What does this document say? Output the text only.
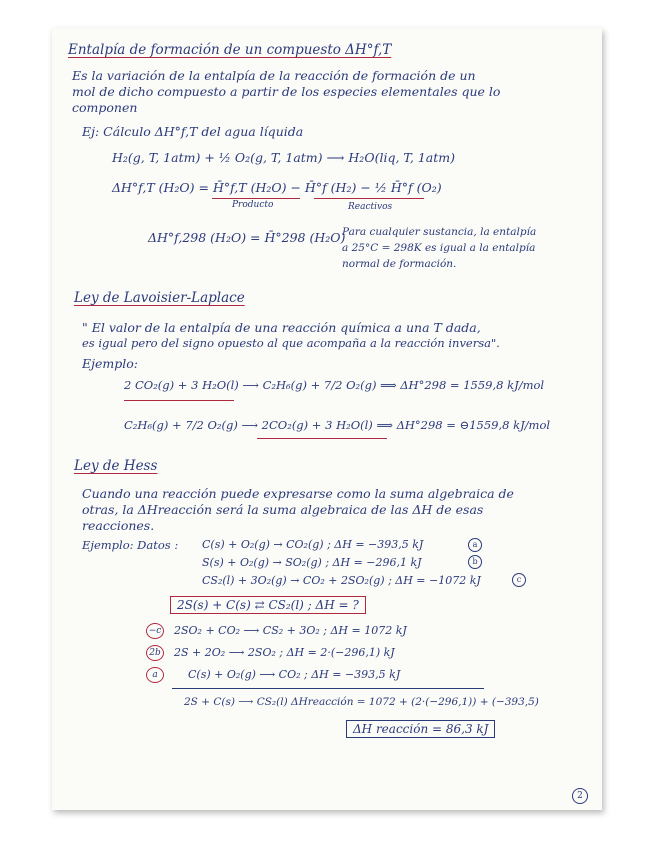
Entalpía de formación de un compuesto ΔH°f,T
Es la variación de la entalpía de la reacción de formación de un
mol de dicho compuesto a partir de los especies elementales que lo
componen
Ej: Cálculo ΔH°f,T del agua líquida
H₂(g, T, 1atm) + ½ O₂(g, T, 1atm) ⟶ H₂O(liq, T, 1atm)
ΔH°f,T (H₂O) = H̄°f,T (H₂O) − H̄°f (H₂) − ½ H̄°f (O₂)
Producto	Reactivos
ΔH°f,298 (H₂O) = H̄°298 (H₂O)
Para cualquier sustancia, la entalpía
a 25°C = 298K es igual a la entalpía
normal de formación.
Ley de Lavoisier-Laplace
" El valor de la entalpía de una reacción química a una T dada,
es igual pero del signo opuesto al que acompaña a la reacción inversa".
Ejemplo:
2 CO₂(g) + 3 H₂O(l) ⟶ C₂H₆(g) + 7/2 O₂(g) ⟹ ΔH°298 = 1559,8 kJ/mol
C₂H₆(g) + 7/2 O₂(g) ⟶ 2CO₂(g) + 3 H₂O(l) ⟹ ΔH°298 = ⊖1559,8 kJ/mol
Ley de Hess
Cuando una reacción puede expresarse como la suma algebraica de
otras, la ΔHreacción será la suma algebraica de las ΔH de esas
reacciones.
Ejemplo: Datos : C(s) + O₂(g) → CO₂(g) ; ΔH = −393,5 kJ	a
S(s) + O₂(g) → SO₂(g) ; ΔH = −296,1 kJ	b
CS₂(l) + 3O₂(g) → CO₂ + 2SO₂(g) ; ΔH = −1072 kJ	c
2S(s) + C(s) ⇄ CS₂(l) ; ΔH = ?
−c 2SO₂ + CO₂ ⟶ CS₂ + 3O₂ ; ΔH = 1072 kJ
2b 2S + 2O₂ ⟶ 2SO₂ ; ΔH = 2·(−296,1) kJ
a	C(s) + O₂(g) ⟶ CO₂ ; ΔH = −393,5 kJ
2S + C(s) ⟶ CS₂(l) ΔHreacción = 1072 + (2·(−296,1)) + (−393,5)
ΔH reacción = 86,3 kJ
2
